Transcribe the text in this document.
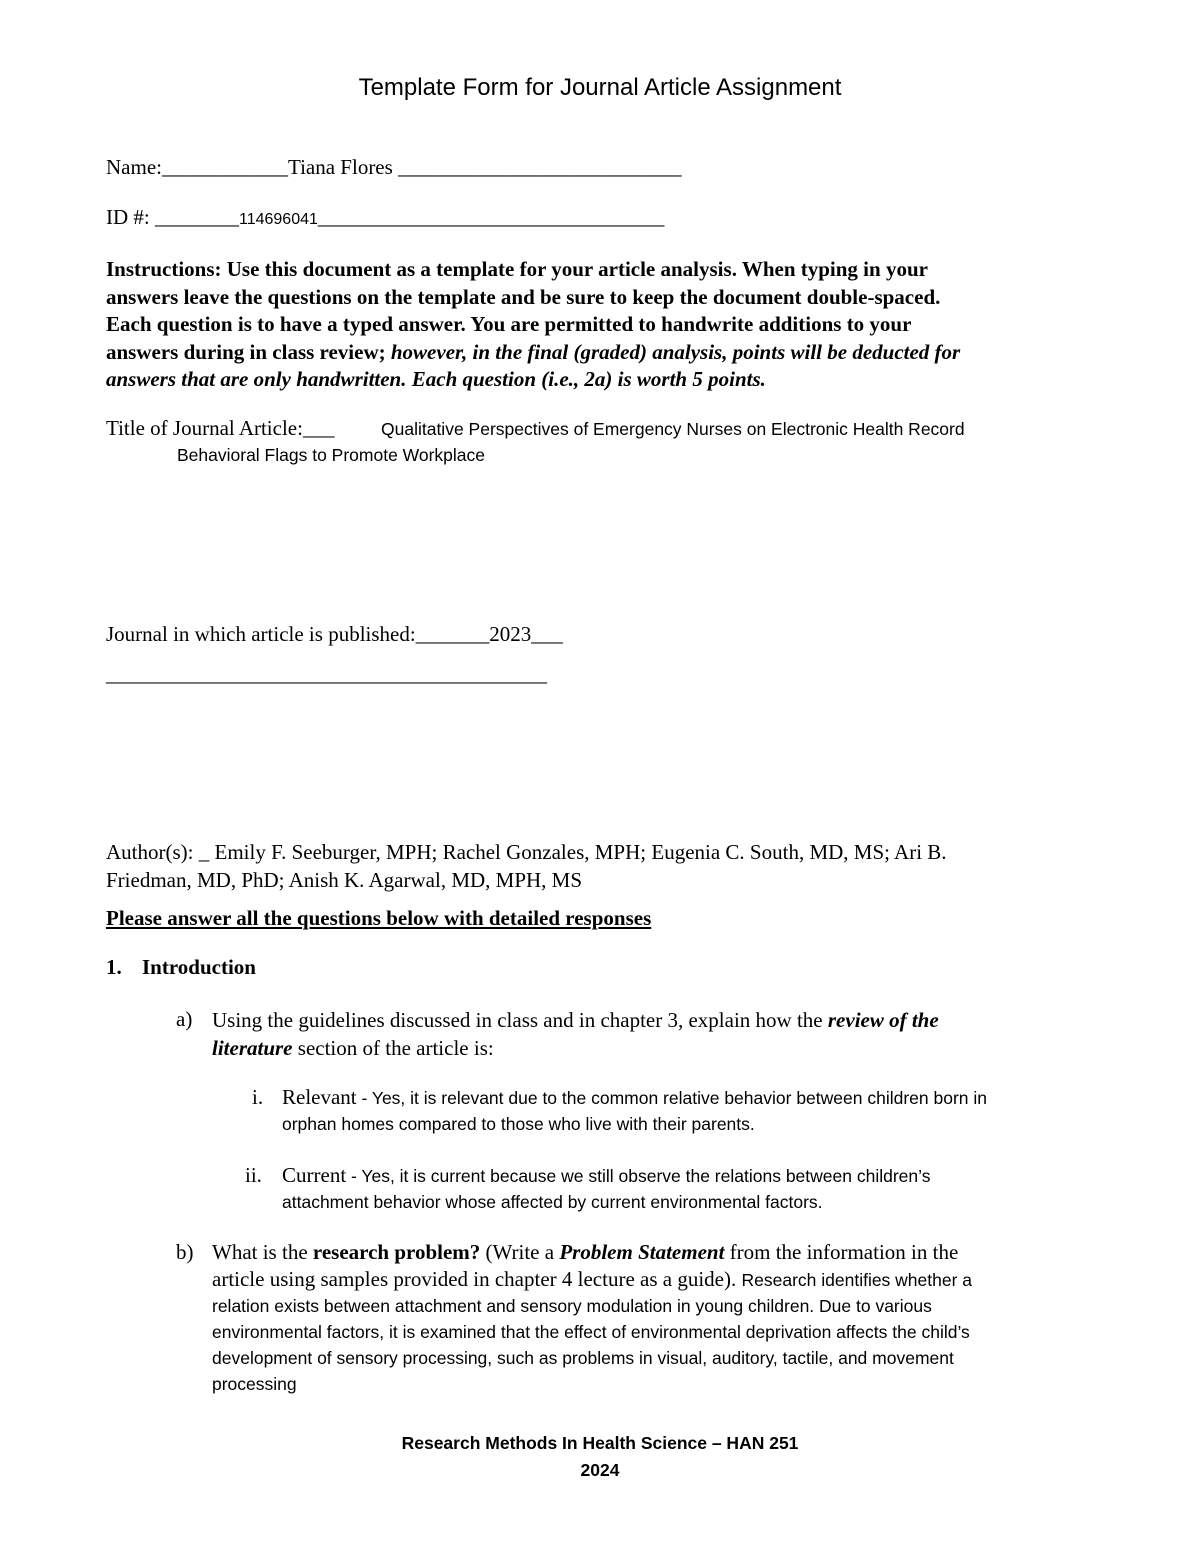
Template Form for Journal Article Assignment
Name:____________Tiana Flores ___________________________
ID #: ________114696041_________________________________
Instructions: Use this document as a template for your article analysis. When typing in your
answers leave the questions on the template and be sure to keep the document double-spaced.
Each question is to have a typed answer. You are permitted to handwrite additions to your
answers during in class review; however, in the final (graded) analysis, points will be deducted for
answers that are only handwritten. Each question (i.e., 2a) is worth 5 points.
Title of Journal Article:___	Qualitative Perspectives of Emergency Nurses on Electronic Health Record
Behavioral Flags to Promote Workplace
Journal in which article is published:_______2023___
__________________________________________
Author(s): _ Emily F. Seeburger, MPH; Rachel Gonzales, MPH; Eugenia C. South, MD, MS; Ari B.
Friedman, MD, PhD; Anish K. Agarwal, MD, MPH, MS
Please answer all the questions below with detailed responses
1. Introduction
a) Using the guidelines discussed in class and in chapter 3, explain how the review of the
literature section of the article is:
i. Relevant - Yes, it is relevant due to the common relative behavior between children born in
orphan homes compared to those who live with their parents.
ii. Current - Yes, it is current because we still observe the relations between children’s
attachment behavior whose affected by current environmental factors.
b) What is the research problem? (Write a Problem Statement from the information in the
article using samples provided in chapter 4 lecture as a guide). Research identifies whether a
relation exists between attachment and sensory modulation in young children. Due to various
environmental factors, it is examined that the effect of environmental deprivation affects the child’s
development of sensory processing, such as problems in visual, auditory, tactile, and movement
processing
Research Methods In Health Science – HAN 251
2024
